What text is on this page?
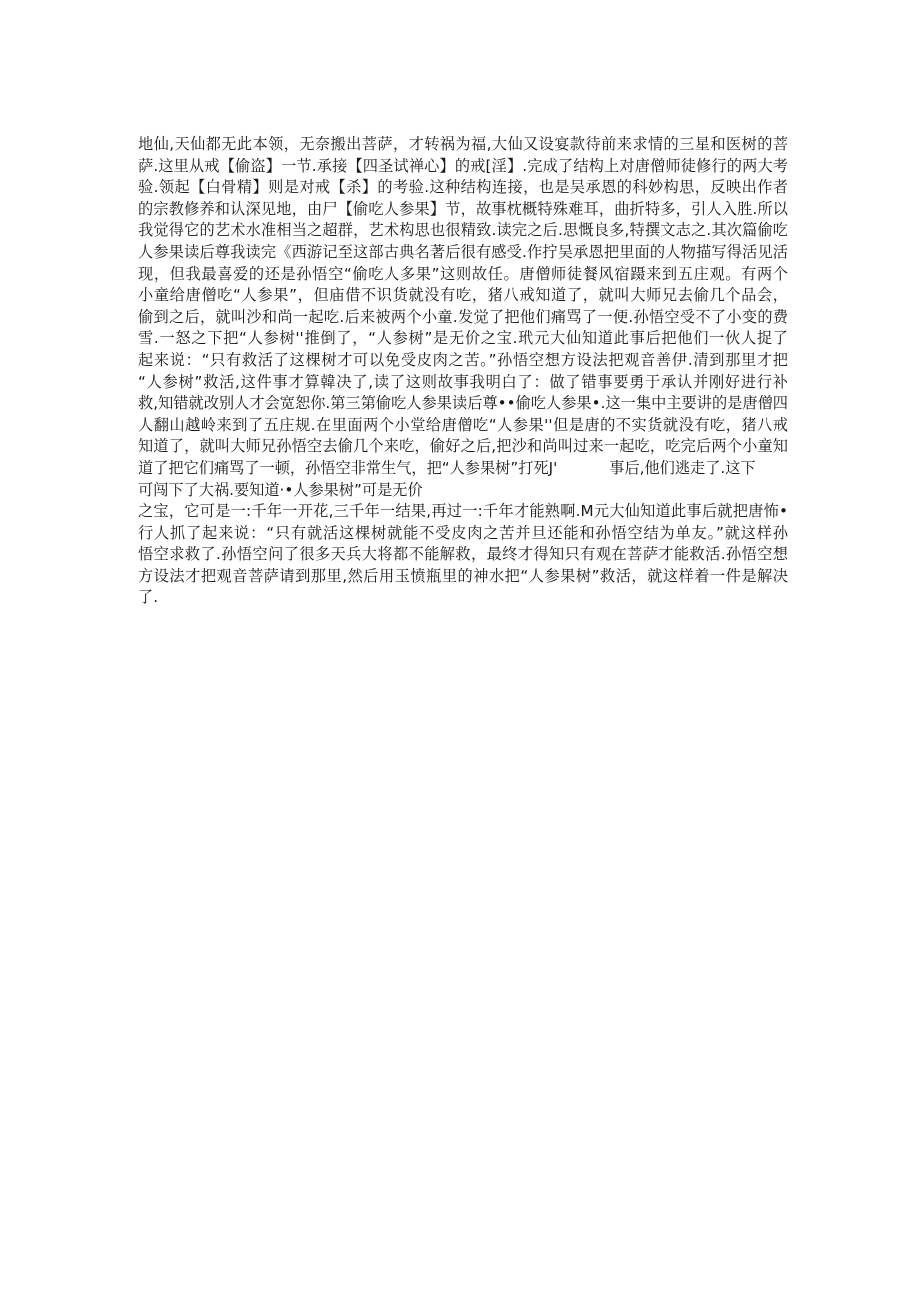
地仙,天仙都无此本领，无奈搬出菩萨，才转祸为福,大仙又设宴款待前来求情的三星和医树的菩
萨.这里从戒【偷盗】一节.承接【四圣试禅心】的戒[淫】.完成了结构上对唐僧师徒修行的两大考
验.领起【白骨精】则是对戒【杀】的考验.这种结构连接，也是吴承恩的科妙构思，反映出作者
的宗教修养和认深见地，由尸【偷吃人参果】节，故事枕概特殊难耳，曲折特多，引人入胜.所以
我觉得它的艺术水准相当之超群，艺术构思也很精致.读完之后.思慨良多,特撰文志之.其次篇偷吃
人参果读后尊我读完《西游记至这部古典名著后很有感受.作拧吴承恩把里面的人物描写得活见活
现，但我最喜爱的还是孙悟空“偷吃人多果”这则故任。唐僧师徒餐风宿蹑来到五庄观。有两个
小童给唐僧吃“人参果”，但庙借不识货就没有吃，猪八戒知道了，就叫大师兄去偷几个品会，
偷到之后，就叫沙和尚一起吃.后来被两个小童.发觉了把他们痛骂了一便.孙悟空受不了小变的费
雪.一怒之下把“人参树''推倒了，“人参树”是无价之宝.玳元大仙知道此事后把他们一伙人捉了
起来说：“只有救活了这棵树才可以免受皮肉之苦。”孙悟空想方设法把观音善伊.清到那里才把
“人参树”救活,这件事才算韓决了,读了这则故事我明白了：做了错事要勇于承认并刚好进行补
救,知错就改别人才会宽恕你.第三第偷吃人参果读后尊••偷吃人参果•.这一集中主要讲的是唐僧四
人翻山越岭来到了五庄规.在里面两个小堂给唐僧吃“人参果''但是唐的不实货就没有吃，猪八戒
知道了，就叫大师兄孙悟空去偷几个来吃，偷好之后,把沙和尚叫过来一起吃，吃完后两个小童知
道了把它们痛骂了一顿，孙悟空非常生气，把“人参果树”打死J'	事后,他们逃走了.这下
可闯下了大祸.要知道·•人参果树”可是无价
之宝，它可是一:千年一开花,三千年一结果,再过一:千年才能熟啊.M元大仙知道此事后就把唐怖•
行人抓了起来说：“只有就活这棵树就能不受皮肉之苦并旦还能和孙悟空结为单友。”就这样孙
悟空求救了.孙悟空问了很多天兵大将都不能解救，最终才得知只有观在菩萨才能救活.孙悟空想
方设法才把观音菩萨请到那里,然后用玉愤瓶里的神水把“人参果树”救活，就这样着一件是解决
了.
